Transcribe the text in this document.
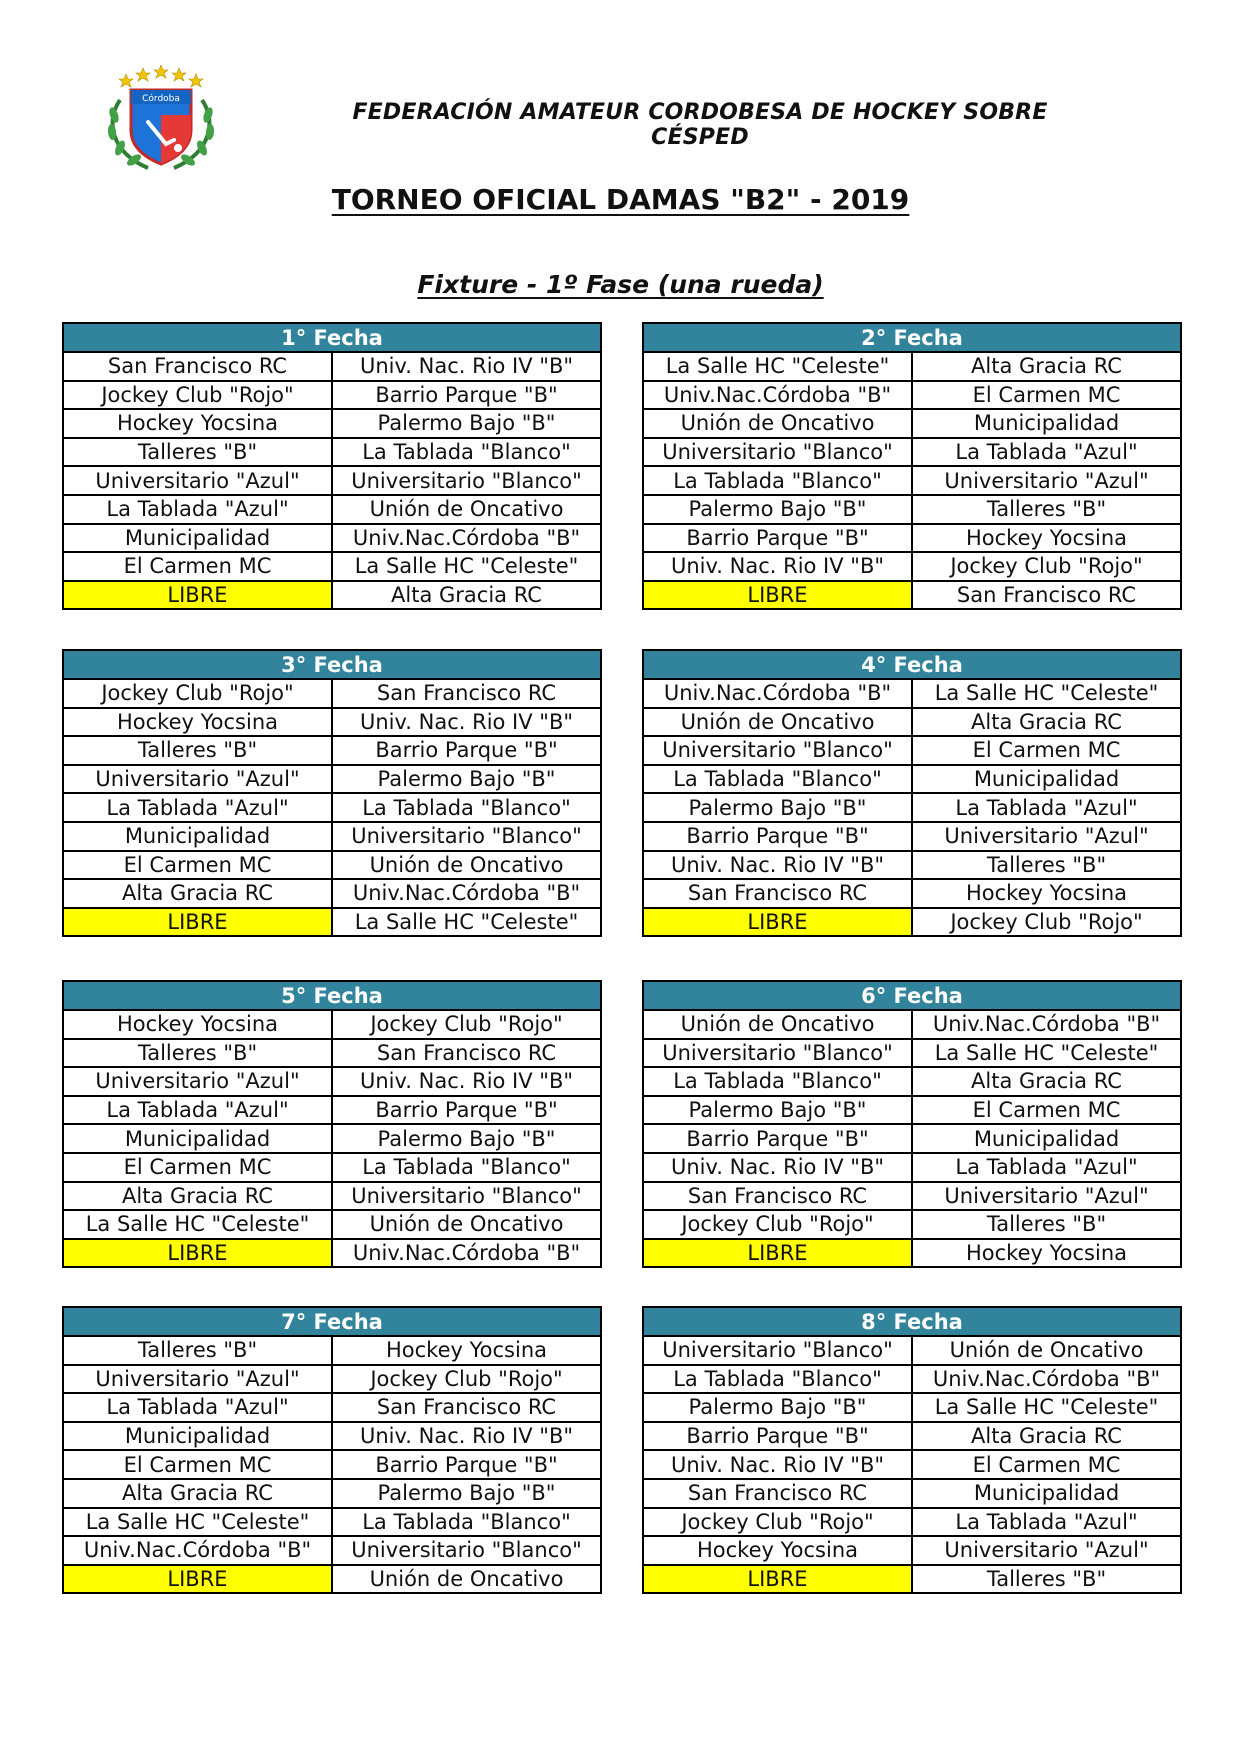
Córdoba
FEDERACIÓN AMATEUR CORDOBESA DE HOCKEY SOBRE CÉSPED
TORNEO OFICIAL DAMAS "B2" - 2019
Fixture - 1º Fase (una rueda)
1° Fecha	
San Francisco RC	Univ. Nac. Rio IV "B"
Jockey Club "Rojo"	Barrio Parque "B"
Hockey Yocsina	Palermo Bajo "B"
Talleres "B"	La Tablada "Blanco"
Universitario "Azul"	Universitario "Blanco"
La Tablada "Azul"	Unión de Oncativo
Municipalidad	Univ.Nac.Córdoba "B"
El Carmen MC	La Salle HC "Celeste"
LIBRE	Alta Gracia RC
2° Fecha	
La Salle HC "Celeste"	Alta Gracia RC
Univ.Nac.Córdoba "B"	El Carmen MC
Unión de Oncativo	Municipalidad
Universitario "Blanco"	La Tablada "Azul"
La Tablada "Blanco"	Universitario "Azul"
Palermo Bajo "B"	Talleres "B"
Barrio Parque "B"	Hockey Yocsina
Univ. Nac. Rio IV "B"	Jockey Club "Rojo"
LIBRE	San Francisco RC
3° Fecha	
Jockey Club "Rojo"	San Francisco RC
Hockey Yocsina	Univ. Nac. Rio IV "B"
Talleres "B"	Barrio Parque "B"
Universitario "Azul"	Palermo Bajo "B"
La Tablada "Azul"	La Tablada "Blanco"
Municipalidad	Universitario "Blanco"
El Carmen MC	Unión de Oncativo
Alta Gracia RC	Univ.Nac.Córdoba "B"
LIBRE	La Salle HC "Celeste"
4° Fecha	
Univ.Nac.Córdoba "B"	La Salle HC "Celeste"
Unión de Oncativo	Alta Gracia RC
Universitario "Blanco"	El Carmen MC
La Tablada "Blanco"	Municipalidad
Palermo Bajo "B"	La Tablada "Azul"
Barrio Parque "B"	Universitario "Azul"
Univ. Nac. Rio IV "B"	Talleres "B"
San Francisco RC	Hockey Yocsina
LIBRE	Jockey Club "Rojo"
5° Fecha	
Hockey Yocsina	Jockey Club "Rojo"
Talleres "B"	San Francisco RC
Universitario "Azul"	Univ. Nac. Rio IV "B"
La Tablada "Azul"	Barrio Parque "B"
Municipalidad	Palermo Bajo "B"
El Carmen MC	La Tablada "Blanco"
Alta Gracia RC	Universitario "Blanco"
La Salle HC "Celeste"	Unión de Oncativo
LIBRE	Univ.Nac.Córdoba "B"
6° Fecha	
Unión de Oncativo	Univ.Nac.Córdoba "B"
Universitario "Blanco"	La Salle HC "Celeste"
La Tablada "Blanco"	Alta Gracia RC
Palermo Bajo "B"	El Carmen MC
Barrio Parque "B"	Municipalidad
Univ. Nac. Rio IV "B"	La Tablada "Azul"
San Francisco RC	Universitario "Azul"
Jockey Club "Rojo"	Talleres "B"
LIBRE	Hockey Yocsina
7° Fecha	
Talleres "B"	Hockey Yocsina
Universitario "Azul"	Jockey Club "Rojo"
La Tablada "Azul"	San Francisco RC
Municipalidad	Univ. Nac. Rio IV "B"
El Carmen MC	Barrio Parque "B"
Alta Gracia RC	Palermo Bajo "B"
La Salle HC "Celeste"	La Tablada "Blanco"
Univ.Nac.Córdoba "B"	Universitario "Blanco"
LIBRE	Unión de Oncativo
8° Fecha	
Universitario "Blanco"	Unión de Oncativo
La Tablada "Blanco"	Univ.Nac.Córdoba "B"
Palermo Bajo "B"	La Salle HC "Celeste"
Barrio Parque "B"	Alta Gracia RC
Univ. Nac. Rio IV "B"	El Carmen MC
San Francisco RC	Municipalidad
Jockey Club "Rojo"	La Tablada "Azul"
Hockey Yocsina	Universitario "Azul"
LIBRE	Talleres "B"
